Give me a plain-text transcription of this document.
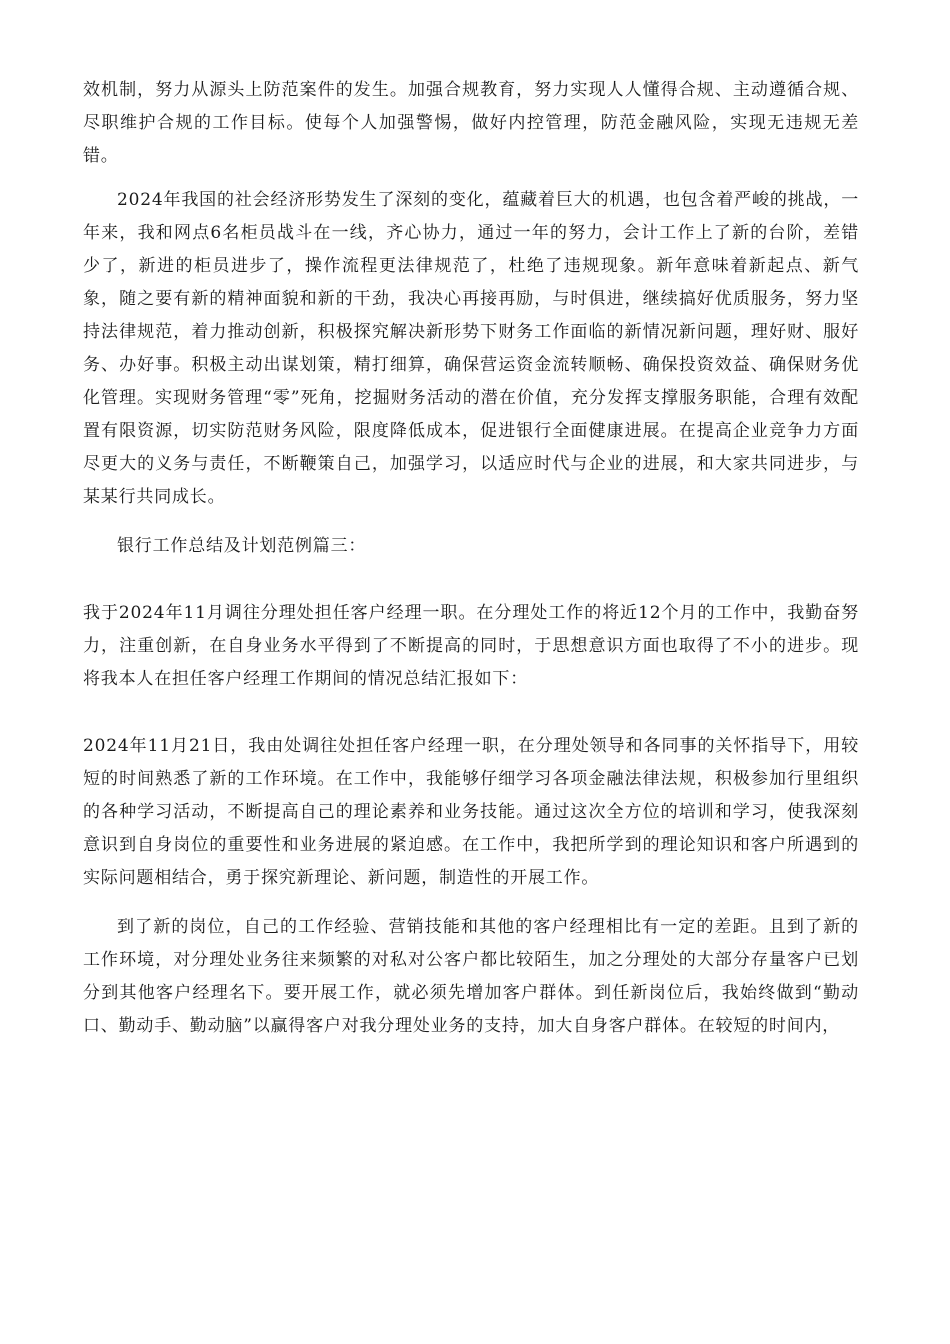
效机制，努力从源头上防范案件的发生。加强合规教育，努力实现人人懂得合规、主动遵循合规、尽职维护合规的工作目标。使每个人加强警惕，做好内控管理，防范金融风险，实现无违规无差错。

2024年我国的社会经济形势发生了深刻的变化，蕴藏着巨大的机遇，也包含着严峻的挑战，一年来，我和网点6名柜员战斗在一线，齐心协力，通过一年的努力，会计工作上了新的台阶，差错少了，新进的柜员进步了，操作流程更法律规范了，杜绝了违规现象。新年意味着新起点、新气象，随之要有新的精神面貌和新的干劲，我决心再接再励，与时俱进，继续搞好优质服务，努力坚持法律规范，着力推动创新，积极探究解决新形势下财务工作面临的新情况新问题，理好财、服好务、办好事。积极主动出谋划策，精打细算，确保营运资金流转顺畅、确保投资效益、确保财务优化管理。实现财务管理“零”死角，挖掘财务活动的潜在价值，充分发挥支撑服务职能，合理有效配置有限资源，切实防范财务风险，限度降低成本，促进银行全面健康进展。在提高企业竞争力方面尽更大的义务与责任，不断鞭策自己，加强学习，以适应时代与企业的进展，和大家共同进步，与某某行共同成长。

银行工作总结及计划范例篇三：

我于2024年11月调往分理处担任客户经理一职。在分理处工作的将近12个月的工作中，我勤奋努力，注重创新，在自身业务水平得到了不断提高的同时，于思想意识方面也取得了不小的进步。现将我本人在担任客户经理工作期间的情况总结汇报如下：

2024年11月21日，我由处调往处担任客户经理一职，在分理处领导和各同事的关怀指导下，用较短的时间熟悉了新的工作环境。在工作中，我能够仔细学习各项金融法律法规，积极参加行里组织的各种学习活动，不断提高自己的理论素养和业务技能。通过这次全方位的培训和学习，使我深刻意识到自身岗位的重要性和业务进展的紧迫感。在工作中，我把所学到的理论知识和客户所遇到的实际问题相结合，勇于探究新理论、新问题，制造性的开展工作。

到了新的岗位，自己的工作经验、营销技能和其他的客户经理相比有一定的差距。且到了新的工作环境，对分理处业务往来频繁的对私对公客户都比较陌生，加之分理处的大部分存量客户已划分到其他客户经理名下。要开展工作，就必须先增加客户群体。到任新岗位后，我始终做到“勤动口、勤动手、勤动脑”以赢得客户对我分理处业务的支持，加大自身客户群体。在较短的时间内，
